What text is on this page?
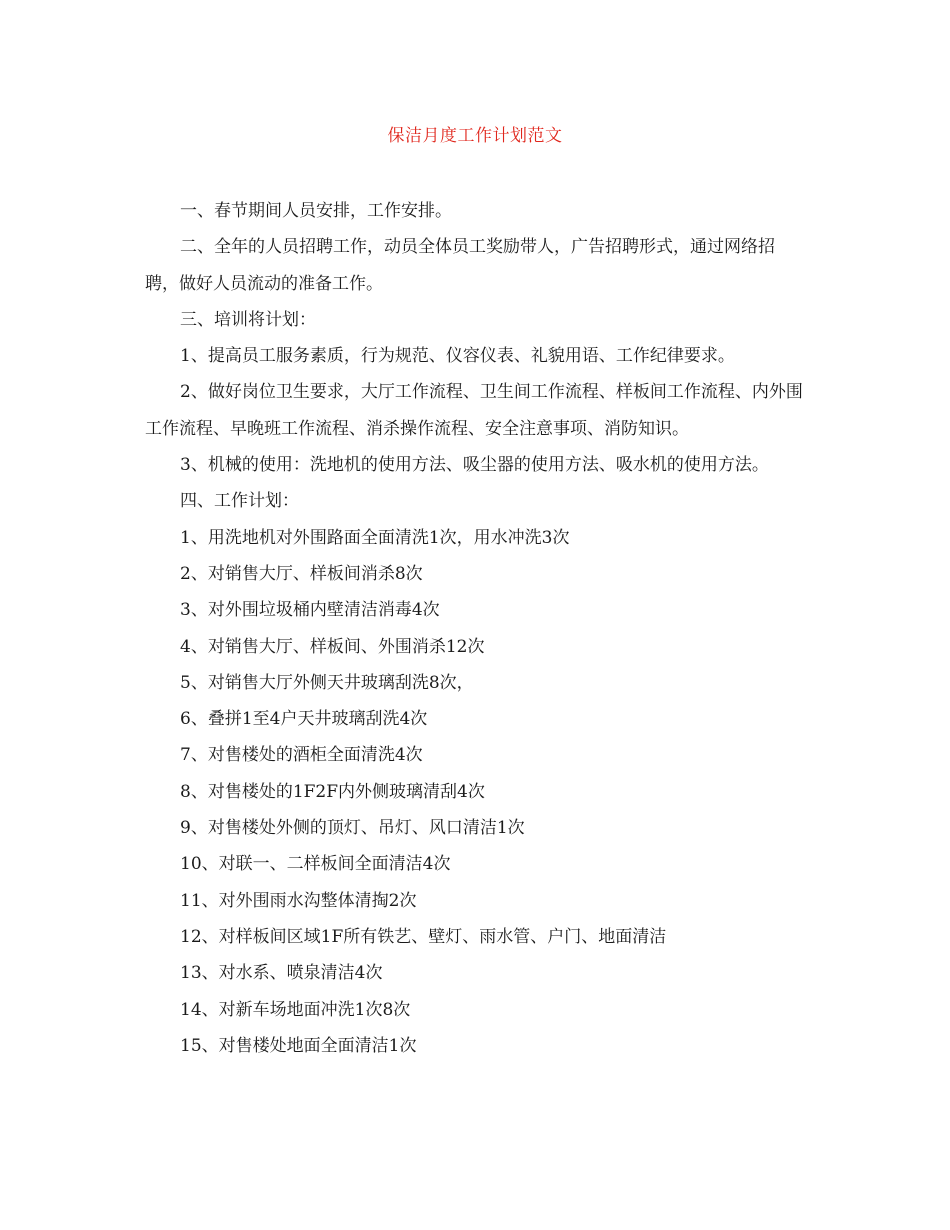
保洁月度工作计划范文

一、春节期间人员安排，工作安排。

二、全年的人员招聘工作，动员全体员工奖励带人，广告招聘形式，通过网络招聘，做好人员流动的准备工作。

三、培训将计划：

1、提高员工服务素质，行为规范、仪容仪表、礼貌用语、工作纪律要求。

2、做好岗位卫生要求，大厅工作流程、卫生间工作流程、样板间工作流程、内外围工作流程、早晚班工作流程、消杀操作流程、安全注意事项、消防知识。

3、机械的使用：洗地机的使用方法、吸尘器的使用方法、吸水机的使用方法。

四、工作计划：

1、用洗地机对外围路面全面清洗1次，用水冲洗3次

2、对销售大厅、样板间消杀8次

3、对外围垃圾桶内壁清洁消毒4次

4、对销售大厅、样板间、外围消杀12次

5、对销售大厅外侧天井玻璃刮洗8次，

6、叠拼1至4户天井玻璃刮洗4次

7、对售楼处的酒柜全面清洗4次

8、对售楼处的1F2F内外侧玻璃清刮4次

9、对售楼处外侧的顶灯、吊灯、风口清洁1次

10、对联一、二样板间全面清洁4次

11、对外围雨水沟整体清掏2次

12、对样板间区域1F所有铁艺、壁灯、雨水管、户门、地面清洁

13、对水系、喷泉清洁4次

14、对新车场地面冲洗1次8次

15、对售楼处地面全面清洁1次
